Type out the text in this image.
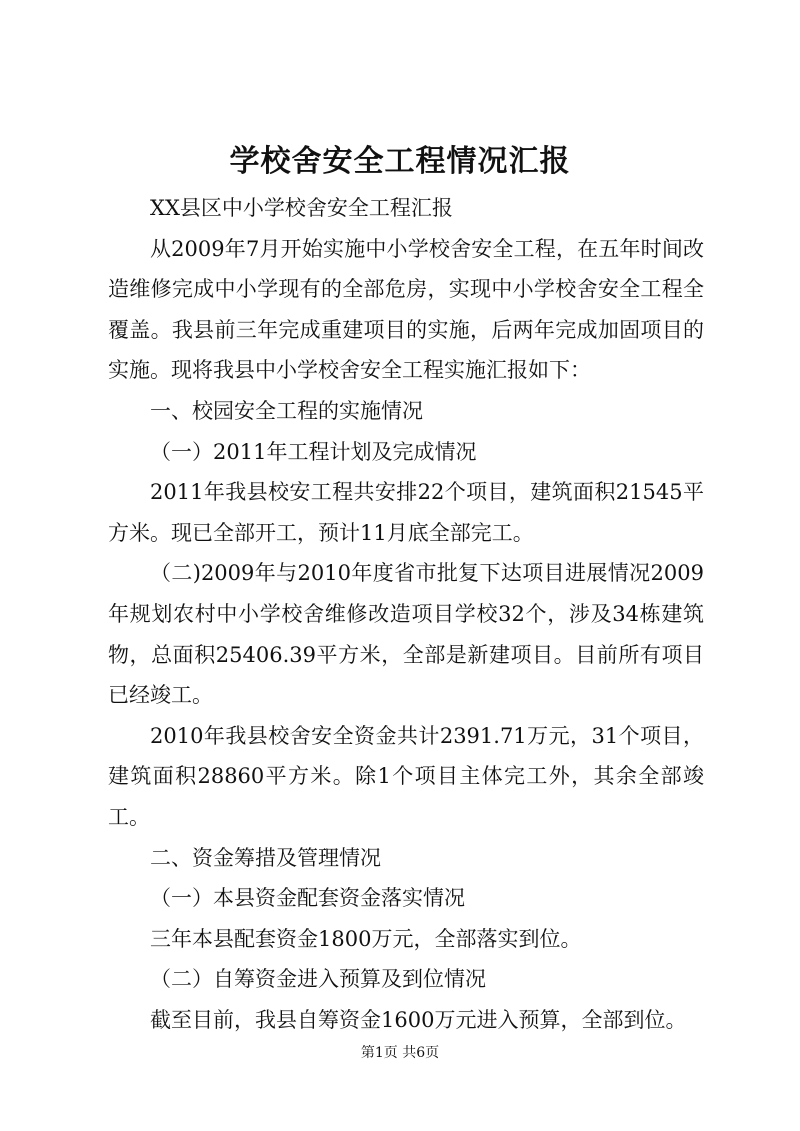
学校舍安全工程情况汇报

XX县区中小学校舍安全工程汇报

从2009年7月开始实施中小学校舍安全工程，在五年时间改造维修完成中小学现有的全部危房，实现中小学校舍安全工程全覆盖。我县前三年完成重建项目的实施，后两年完成加固项目的实施。现将我县中小学校舍安全工程实施汇报如下：

一、校园安全工程的实施情况

（一）2011年工程计划及完成情况

2011年我县校安工程共安排22个项目，建筑面积21545平方米。现已全部开工，预计11月底全部完工。

（二)2009年与2010年度省市批复下达项目进展情况2009年规划农村中小学校舍维修改造项目学校32个，涉及34栋建筑物，总面积25406.39平方米，全部是新建项目。目前所有项目已经竣工。

2010年我县校舍安全资金共计2391.71万元，31个项目，建筑面积28860平方米。除1个项目主体完工外，其余全部竣工。

二、资金筹措及管理情况

（一）本县资金配套资金落实情况

三年本县配套资金1800万元，全部落实到位。

（二）自筹资金进入预算及到位情况

截至目前，我县自筹资金1600万元进入预算，全部到位。

第1页 共6页
